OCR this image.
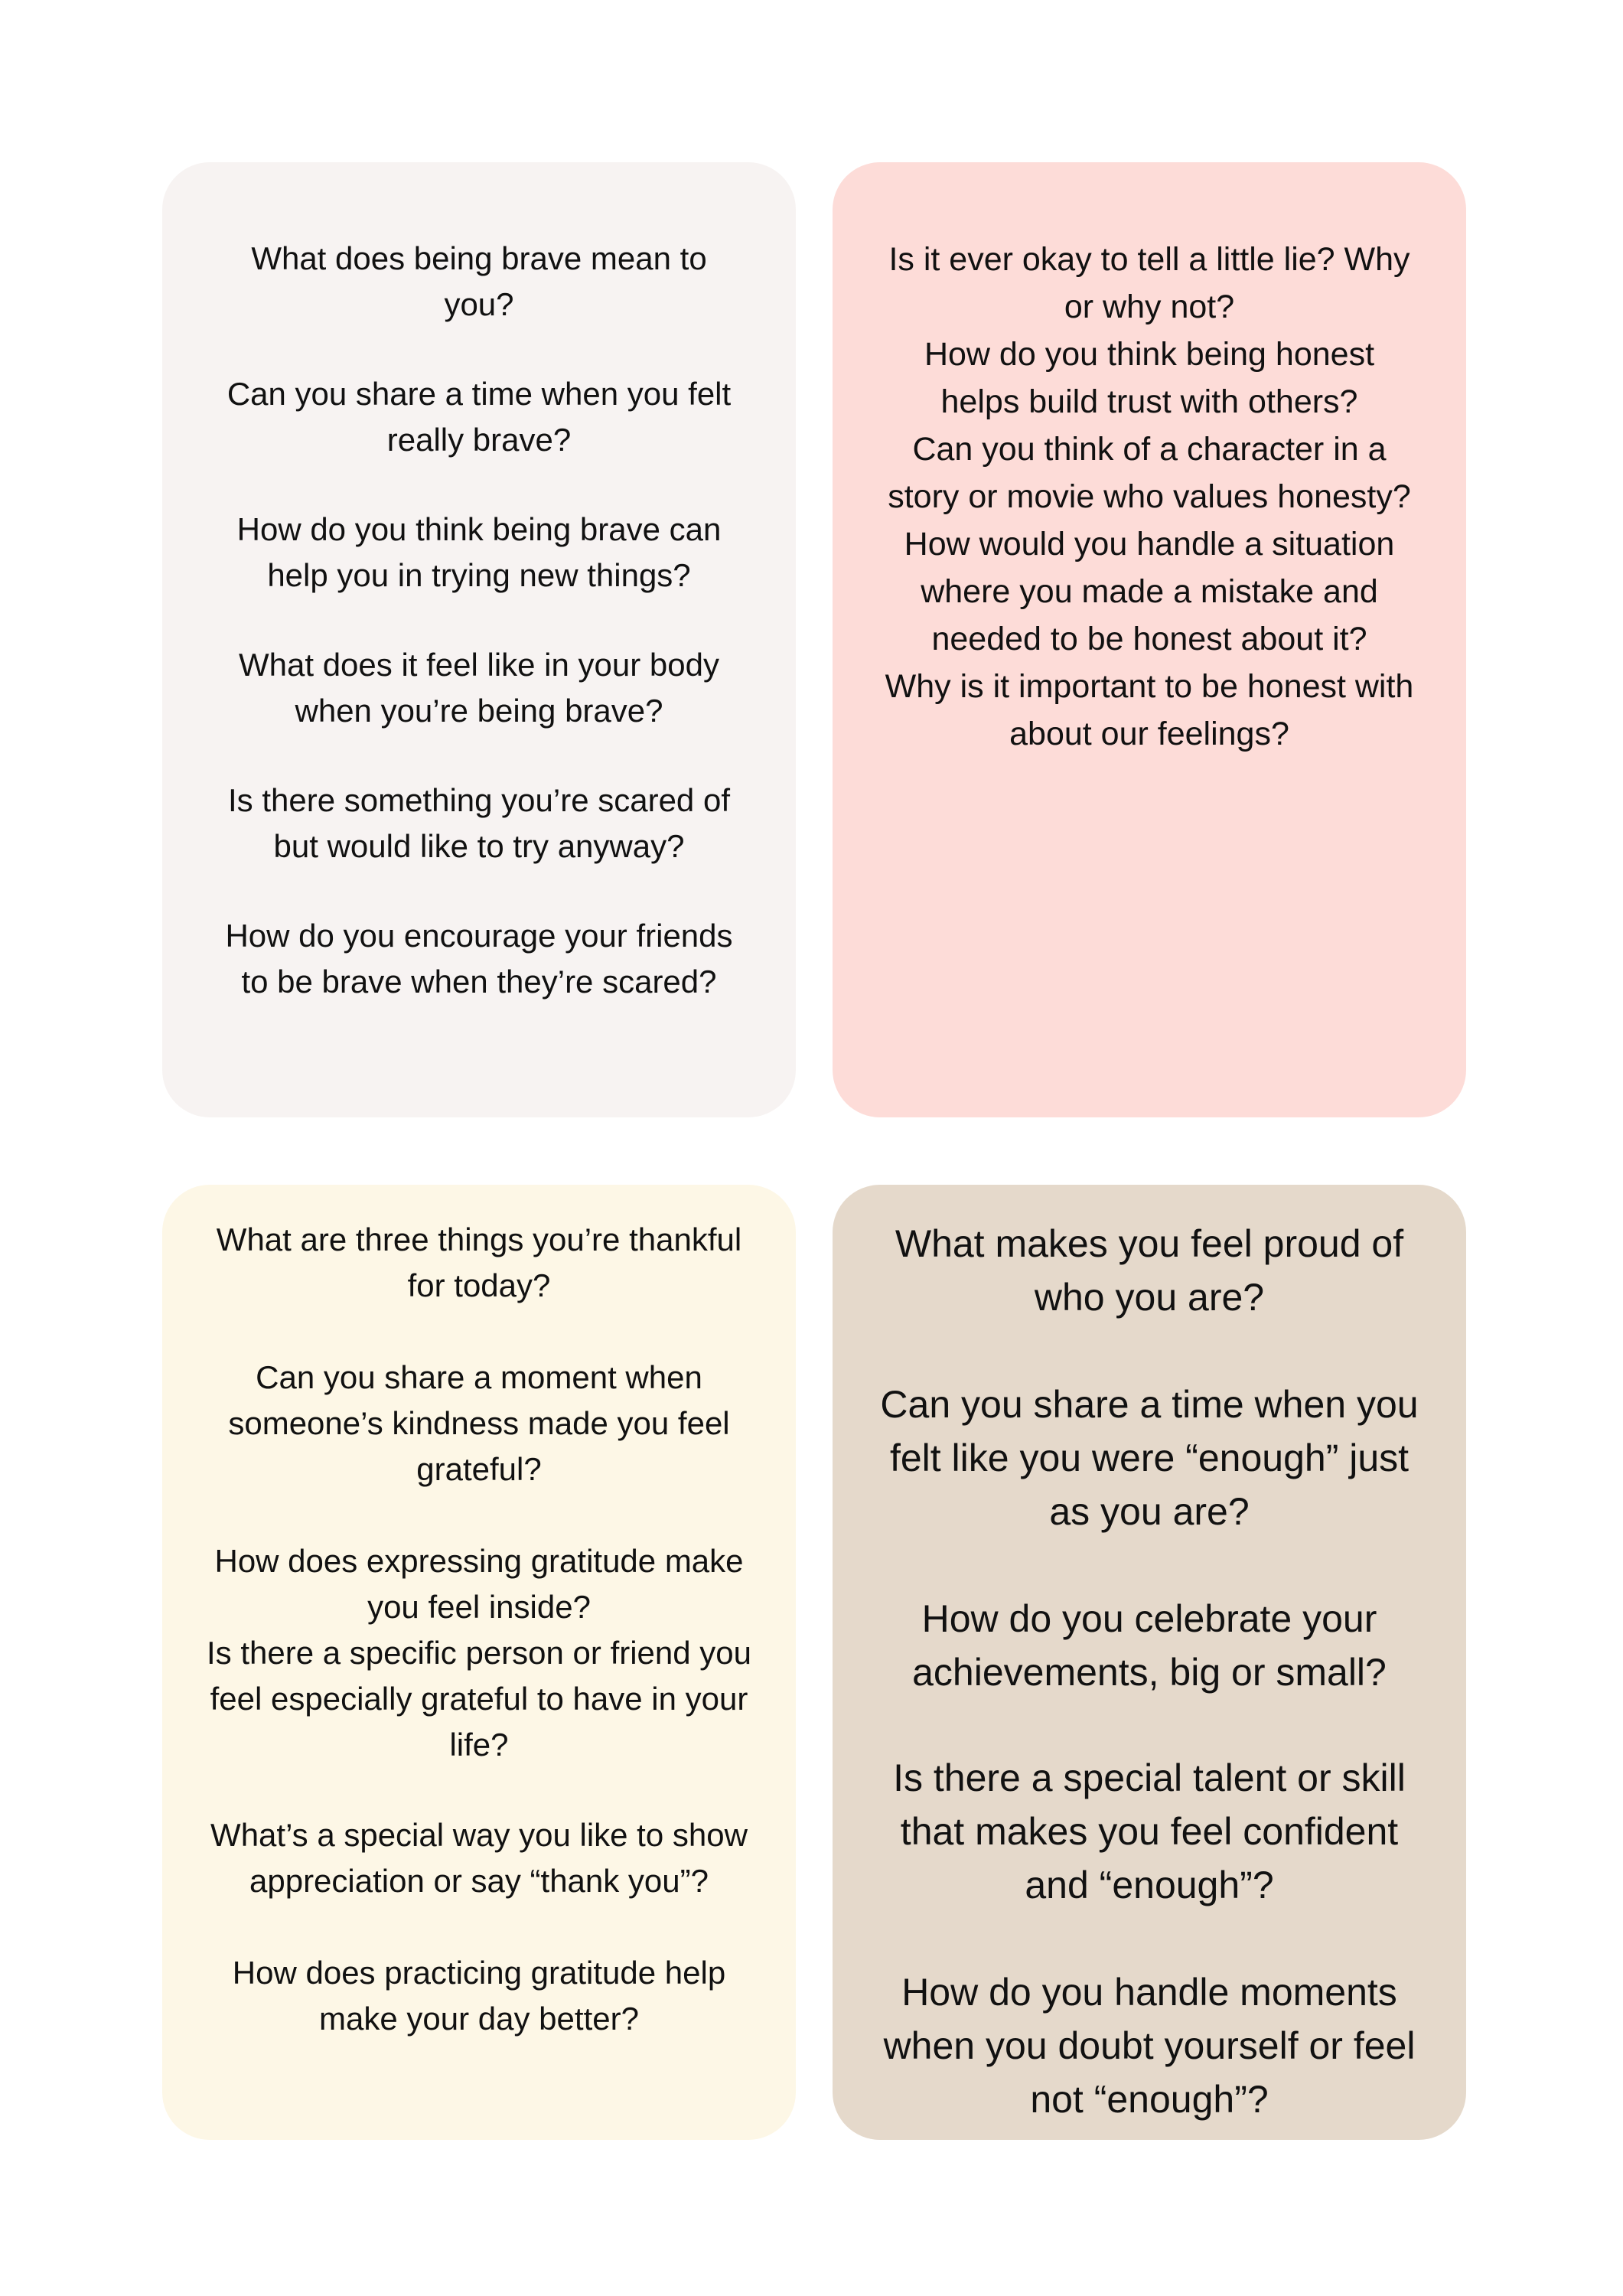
What does being brave mean to
you?

Can you share a time when you felt
really brave?

How do you think being brave can
help you in trying new things?

What does it feel like in your body
when you’re being brave?

Is there something you’re scared of
but would like to try anyway?

How do you encourage your friends
to be brave when they’re scared?

Is it ever okay to tell a little lie? Why
or why not?

How do you think being honest
helps build trust with others?

Can you think of a character in a
story or movie who values honesty?

How would you handle a situation
where you made a mistake and
needed to be honest about it?

Why is it important to be honest with
about our feelings?

What are three things you’re thankful
for today?

Can you share a moment when
someone’s kindness made you feel
grateful?

How does expressing gratitude make
you feel inside?

Is there a specific person or friend you
feel especially grateful to have in your
life?

What’s a special way you like to show
appreciation or say “thank you”?

How does practicing gratitude help
make your day better?

What makes you feel proud of
who you are?

Can you share a time when you
felt like you were “enough” just
as you are?

How do you celebrate your
achievements, big or small?

Is there a special talent or skill
that makes you feel confident
and “enough”?

How do you handle moments
when you doubt yourself or feel
not “enough”?
